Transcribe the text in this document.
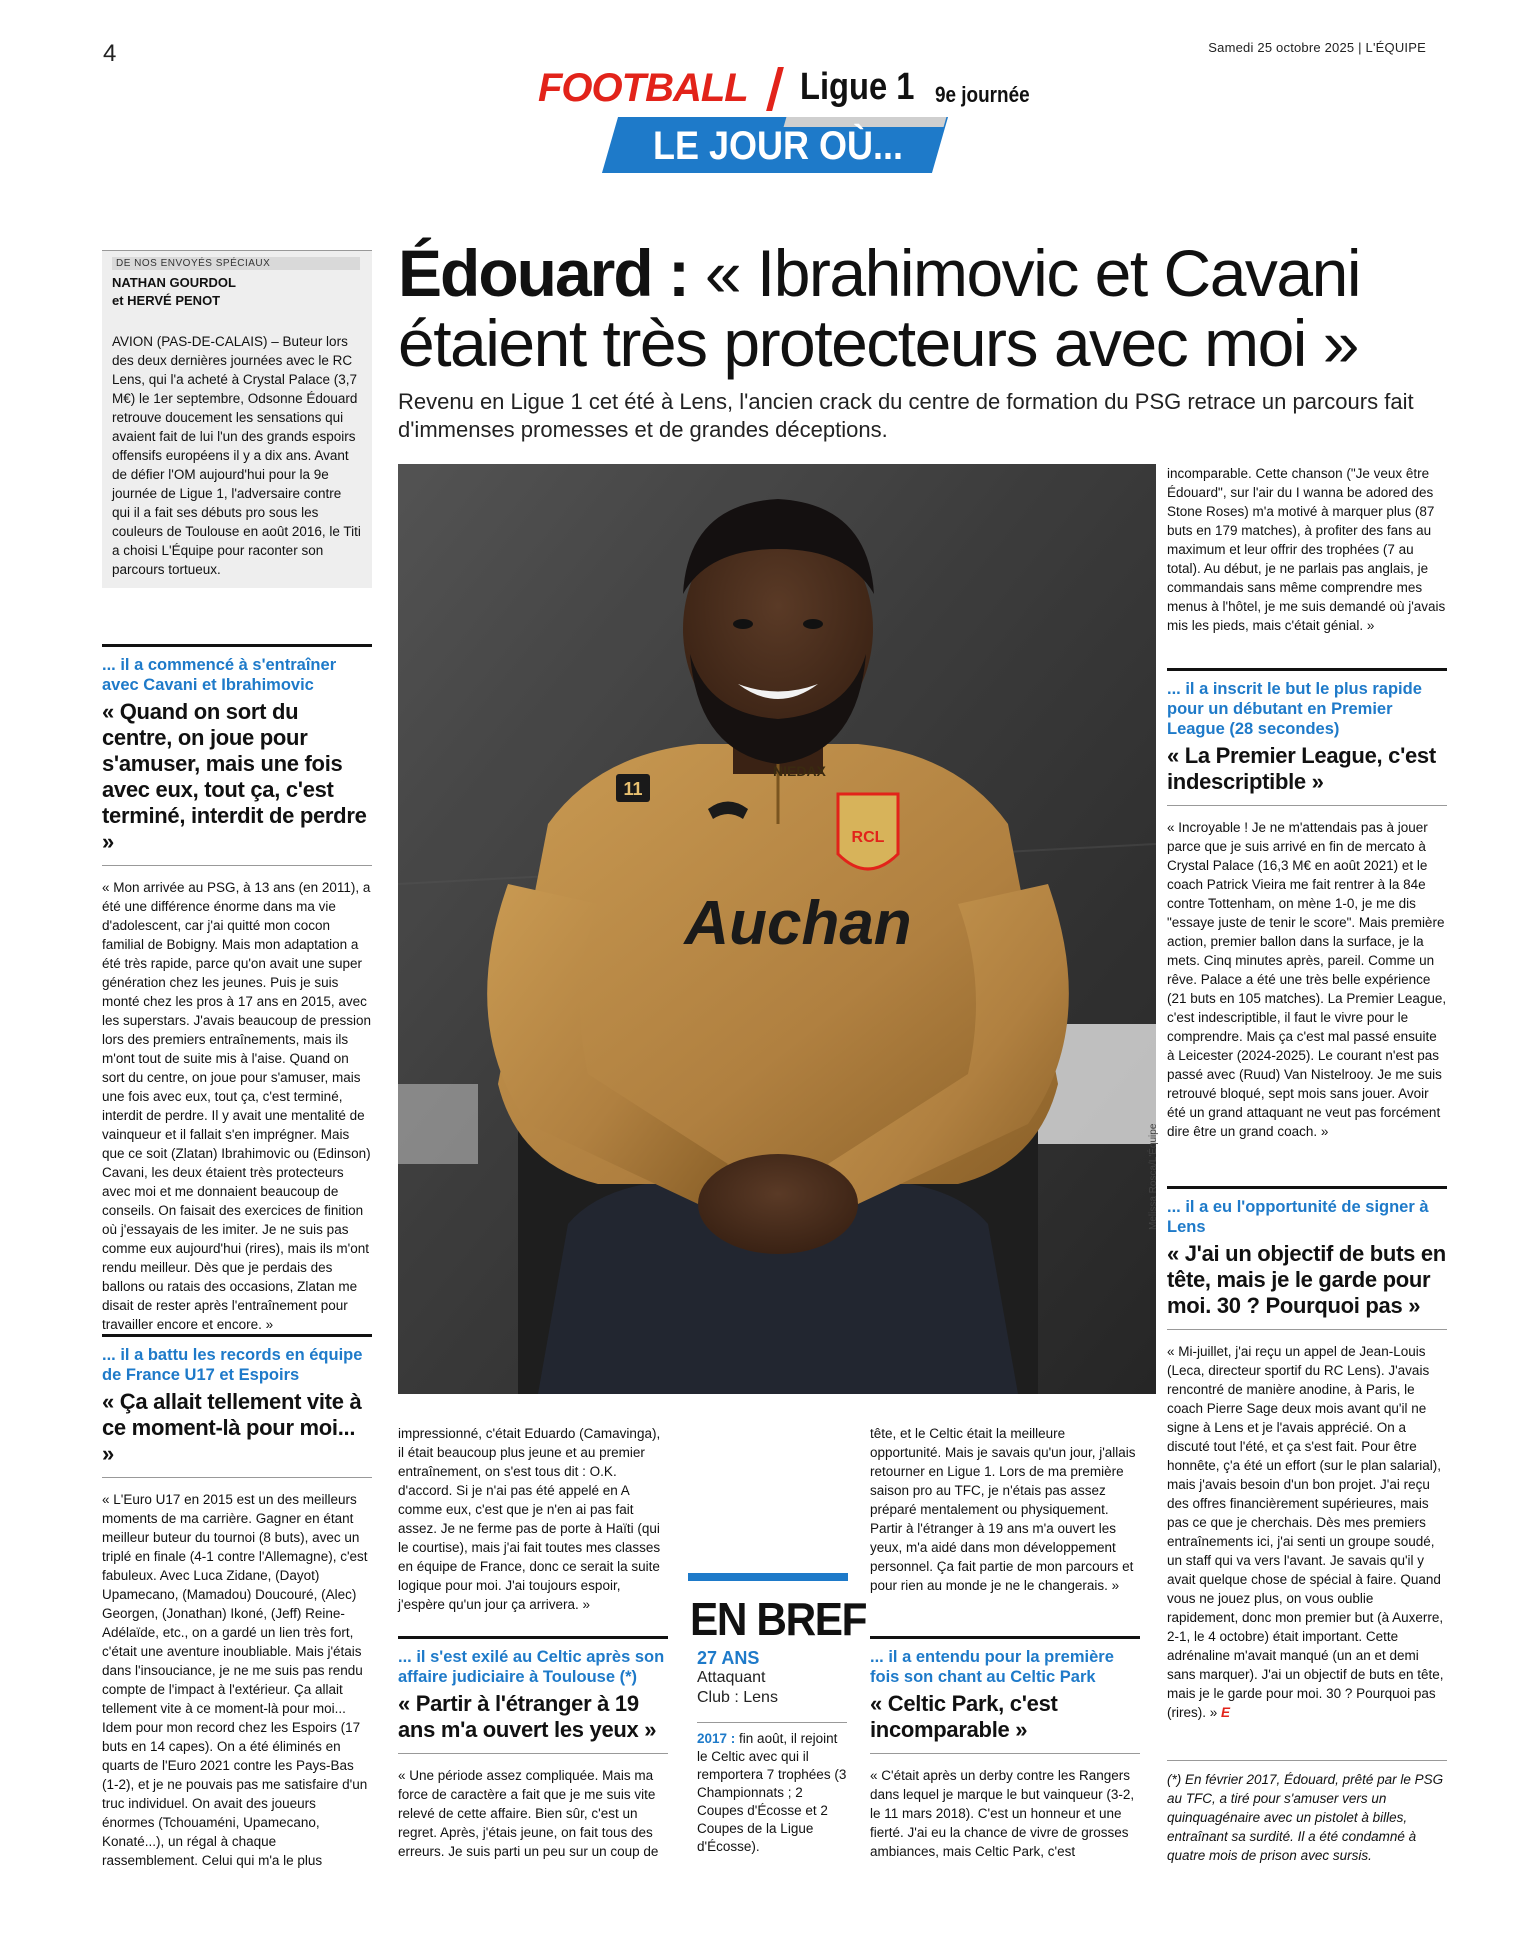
4	Samedi 25 octobre 2025 | L'ÉQUIPE
FOOTBALL Ligue 1 9e journée
LE JOUR OÙ...
DE NOS ENVOYÉS SPÉCIAUX
NATHAN GOURDOL
et HERVÉ PENOT
AVION (PAS-DE-CALAIS) – Buteur lors des deux dernières journées avec le RC Lens, qui l'a acheté à Crystal Palace (3,7 M€) le 1er septembre, Odsonne Édouard retrouve doucement les sensations qui avaient fait de lui l'un des grands espoirs offensifs européens il y a dix ans. Avant de défier l'OM aujourd'hui pour la 9e journée de Ligue 1, l'adversaire contre qui il a fait ses débuts pro sous les couleurs de Toulouse en août 2016, le Titi a choisi L'Équipe pour raconter son parcours tortueux.
Édouard : « Ibrahimovic et Cavani étaient très protecteurs avec moi »
Revenu en Ligue 1 cet été à Lens, l'ancien crack du centre de formation du PSG retrace un parcours fait d'immenses promesses et de grandes déceptions.
RCL
NIEDAX
11
Auchan
Melissa Rosca/L'Équipe
... il a commencé à s'entraîner avec Cavani et Ibrahimovic
« Quand on sort du centre, on joue pour s'amuser, mais une fois avec eux, tout ça, c'est terminé, interdit de perdre »
« Mon arrivée au PSG, à 13 ans (en 2011), a été une différence énorme dans ma vie d'adolescent, car j'ai quitté mon cocon familial de Bobigny. Mais mon adaptation a été très rapide, parce qu'on avait une super génération chez les jeunes. Puis je suis monté chez les pros à 17 ans en 2015, avec les superstars. J'avais beaucoup de pression lors des premiers entraînements, mais ils m'ont tout de suite mis à l'aise. Quand on sort du centre, on joue pour s'amuser, mais une fois avec eux, tout ça, c'est terminé, interdit de perdre. Il y avait une mentalité de vainqueur et il fallait s'en imprégner. Mais que ce soit (Zlatan) Ibrahimovic ou (Edinson) Cavani, les deux étaient très protecteurs avec moi et me donnaient beaucoup de conseils. On faisait des exercices de finition où j'essayais de les imiter. Je ne suis pas comme eux aujourd'hui (rires), mais ils m'ont rendu meilleur. Dès que je perdais des ballons ou ratais des occasions, Zlatan me disait de rester après l'entraînement pour travailler encore et encore. »
... il a battu les records en équipe de France U17 et Espoirs
« Ça allait tellement vite à ce moment-là pour moi... »
« L'Euro U17 en 2015 est un des meilleurs moments de ma carrière. Gagner en étant meilleur buteur du tournoi (8 buts), avec un triplé en finale (4-1 contre l'Allemagne), c'est fabuleux. Avec Luca Zidane, (Dayot) Upamecano, (Mamadou) Doucouré, (Alec) Georgen, (Jonathan) Ikoné, (Jeff) Reine-Adélaïde, etc., on a gardé un lien très fort, c'était une aventure inoubliable. Mais j'étais dans l'insouciance, je ne me suis pas rendu compte de l'impact à l'extérieur. Ça allait tellement vite à ce moment-là pour moi... Idem pour mon record chez les Espoirs (17 buts en 14 capes). On a été éliminés en quarts de l'Euro 2021 contre les Pays-Bas (1-2), et je ne pouvais pas me satisfaire d'un truc individuel. On avait des joueurs énormes (Tchouaméni, Upamecano, Konaté...), un régal à chaque rassemblement. Celui qui m'a le plus
impressionné, c'était Eduardo (Camavinga), il était beaucoup plus jeune et au premier entraînement, on s'est tous dit : O.K. d'accord. Si je n'ai pas été appelé en A comme eux, c'est que je n'en ai pas fait assez. Je ne ferme pas de porte à Haïti (qui le courtise), mais j'ai fait toutes mes classes en équipe de France, donc ce serait la suite logique pour moi. J'ai toujours espoir, j'espère qu'un jour ça arrivera. »
... il s'est exilé au Celtic après son affaire judiciaire à Toulouse (*)
« Partir à l'étranger à 19 ans m'a ouvert les yeux »
« Une période assez compliquée. Mais ma force de caractère a fait que je me suis vite relevé de cette affaire. Bien sûr, c'est un regret. Après, j'étais jeune, on fait tous des erreurs. Je suis parti un peu sur un coup de
EN BREF
27 ANS
Attaquant
Club : Lens
2017 : fin août, il rejoint le Celtic avec qui il remportera 7 trophées (3 Championnats ; 2 Coupes d'Écosse et 2 Coupes de la Ligue d'Écosse).
tête, et le Celtic était la meilleure opportunité. Mais je savais qu'un jour, j'allais retourner en Ligue 1. Lors de ma première saison pro au TFC, je n'étais pas assez préparé mentalement ou physiquement. Partir à l'étranger à 19 ans m'a ouvert les yeux, m'a aidé dans mon développement personnel. Ça fait partie de mon parcours et pour rien au monde je ne le changerais. »
... il a entendu pour la première fois son chant au Celtic Park
« Celtic Park, c'est incomparable »
« C'était après un derby contre les Rangers dans lequel je marque le but vainqueur (3-2, le 11 mars 2018). C'est un honneur et une fierté. J'ai eu la chance de vivre de grosses ambiances, mais Celtic Park, c'est
incomparable. Cette chanson ("Je veux être Édouard", sur l'air du I wanna be adored des Stone Roses) m'a motivé à marquer plus (87 buts en 179 matches), à profiter des fans au maximum et leur offrir des trophées (7 au total). Au début, je ne parlais pas anglais, je commandais sans même comprendre mes menus à l'hôtel, je me suis demandé où j'avais mis les pieds, mais c'était génial. »
... il a inscrit le but le plus rapide pour un débutant en Premier League (28 secondes)
« La Premier League, c'est indescriptible »
« Incroyable ! Je ne m'attendais pas à jouer parce que je suis arrivé en fin de mercato à Crystal Palace (16,3 M€ en août 2021) et le coach Patrick Vieira me fait rentrer à la 84e contre Tottenham, on mène 1-0, je me dis "essaye juste de tenir le score". Mais première action, premier ballon dans la surface, je la mets. Cinq minutes après, pareil. Comme un rêve. Palace a été une très belle expérience (21 buts en 105 matches). La Premier League, c'est indescriptible, il faut le vivre pour le comprendre. Mais ça c'est mal passé ensuite à Leicester (2024-2025). Le courant n'est pas passé avec (Ruud) Van Nistelrooy. Je me suis retrouvé bloqué, sept mois sans jouer. Avoir été un grand attaquant ne veut pas forcément dire être un grand coach. »
... il a eu l'opportunité de signer à Lens
« J'ai un objectif de buts en tête, mais je le garde pour moi. 30 ? Pourquoi pas »
« Mi-juillet, j'ai reçu un appel de Jean-Louis (Leca, directeur sportif du RC Lens). J'avais rencontré de manière anodine, à Paris, le coach Pierre Sage deux mois avant qu'il ne signe à Lens et je l'avais apprécié. On a discuté tout l'été, et ça s'est fait. Pour être honnête, ç'a été un effort (sur le plan salarial), mais j'avais besoin d'un bon projet. J'ai reçu des offres financièrement supérieures, mais pas ce que je cherchais. Dès mes premiers entraînements ici, j'ai senti un groupe soudé, un staff qui va vers l'avant. Je savais qu'il y avait quelque chose de spécial à faire. Quand vous ne jouez plus, on vous oublie rapidement, donc mon premier but (à Auxerre, 2-1, le 4 octobre) était important. Cette adrénaline m'avait manqué (un an et demi sans marquer). J'ai un objectif de buts en tête, mais je le garde pour moi. 30 ? Pourquoi pas (rires). » E
(*) En février 2017, Édouard, prêté par le PSG au TFC, a tiré pour s'amuser vers un quinquagénaire avec un pistolet à billes, entraînant sa surdité. Il a été condamné à quatre mois de prison avec sursis.
